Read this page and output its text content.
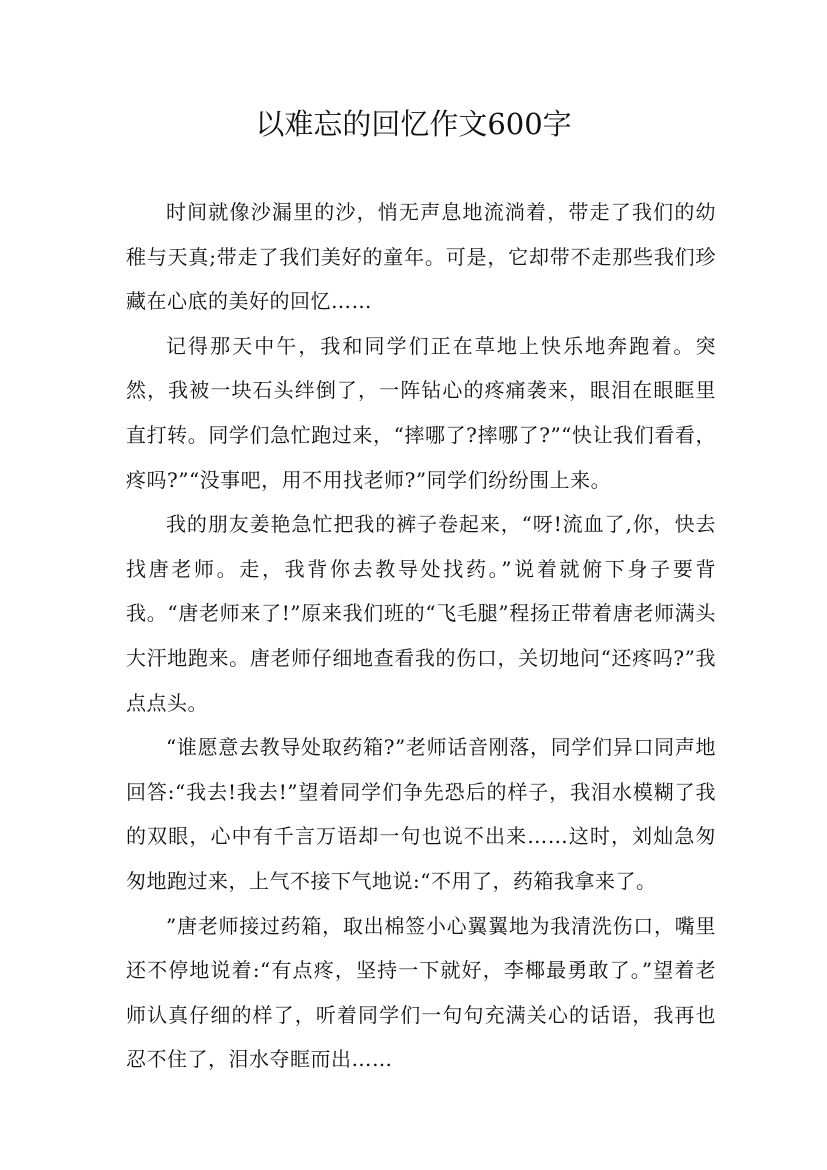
以难忘的回忆作文600字

时间就像沙漏里的沙，悄无声息地流淌着，带走了我们的幼稚与天真;带走了我们美好的童年。可是，它却带不走那些我们珍藏在心底的美好的回忆……

记得那天中午，我和同学们正在草地上快乐地奔跑着。突然，我被一块石头绊倒了，一阵钻心的疼痛袭来，眼泪在眼眶里直打转。同学们急忙跑过来，“摔哪了?摔哪了?”“快让我们看看，疼吗?”“没事吧，用不用找老师?”同学们纷纷围上来。

我的朋友姜艳急忙把我的裤子卷起来，“呀!流血了,你，快去找唐老师。走，我背你去教导处找药。”说着就俯下身子要背我。“唐老师来了!”原来我们班的“飞毛腿”程扬正带着唐老师满头大汗地跑来。唐老师仔细地查看我的伤口，关切地问“还疼吗?”我点点头。

“谁愿意去教导处取药箱?”老师话音刚落，同学们异口同声地回答:“我去!我去!”望着同学们争先恐后的样子，我泪水模糊了我的双眼，心中有千言万语却一句也说不出来……这时，刘灿急匆匆地跑过来，上气不接下气地说:“不用了，药箱我拿来了。

”唐老师接过药箱，取出棉签小心翼翼地为我清洗伤口，嘴里还不停地说着:“有点疼，坚持一下就好，李椰最勇敢了。”望着老师认真仔细的样了，听着同学们一句句充满关心的话语，我再也忍不住了，泪水夺眶而出……
